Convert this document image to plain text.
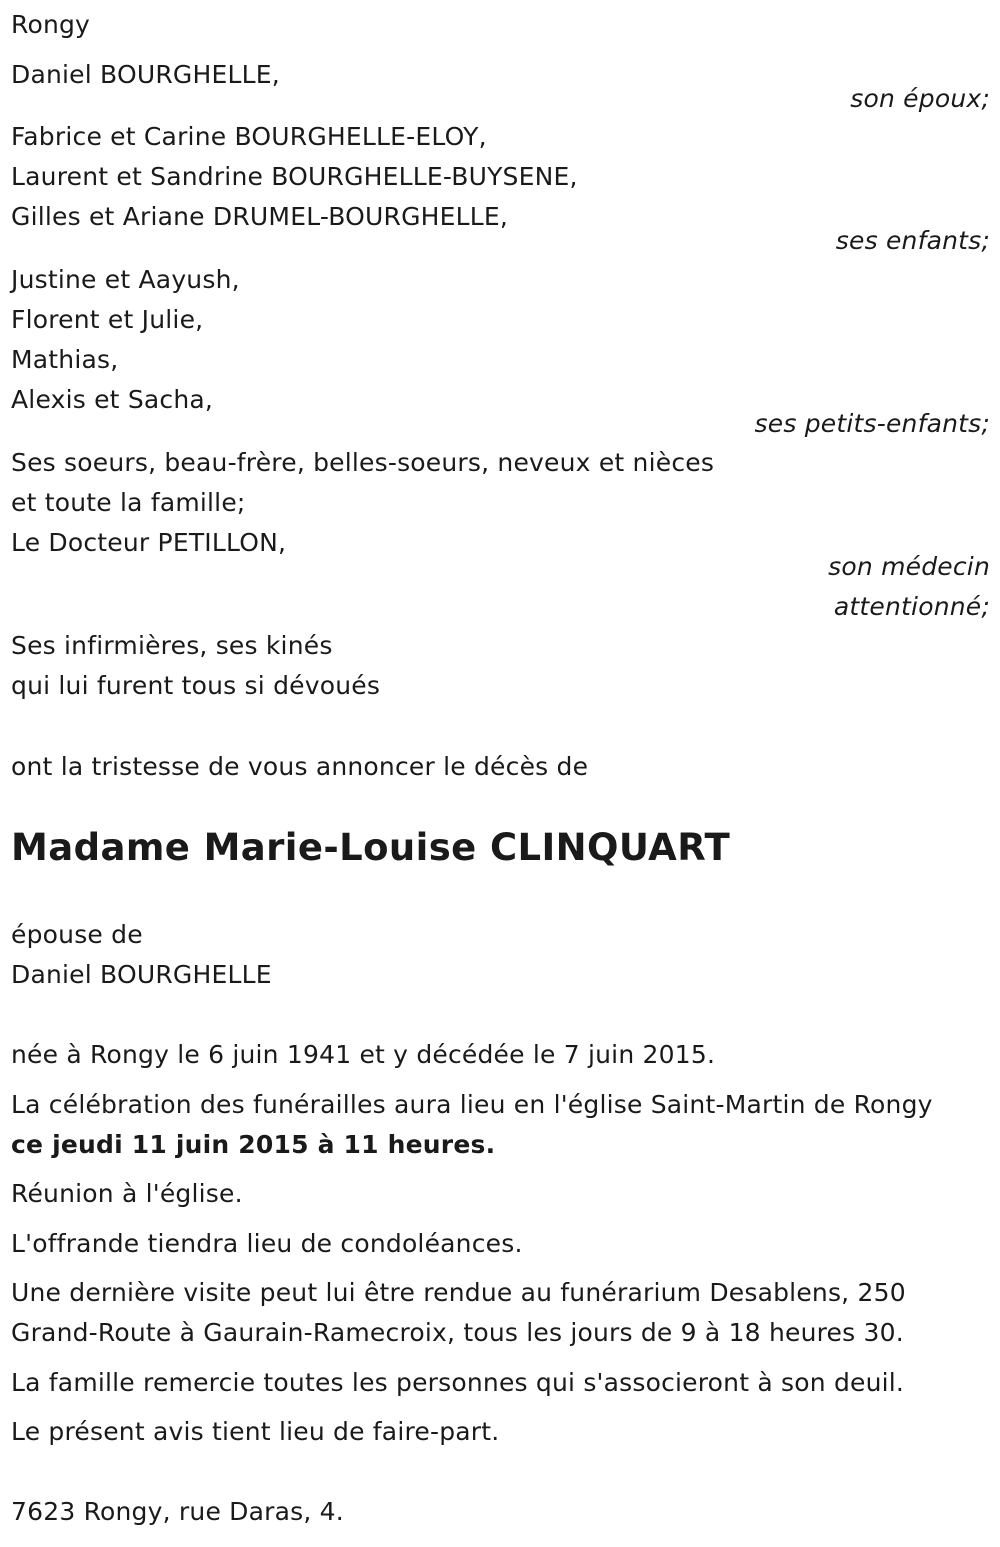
Rongy
Daniel BOURGHELLE,
son époux;
Fabrice et Carine BOURGHELLE-ELOY,
Laurent et Sandrine BOURGHELLE-BUYSENE,
Gilles et Ariane DRUMEL-BOURGHELLE,
ses enfants;
Justine et Aayush,
Florent et Julie,
Mathias,
Alexis et Sacha,
ses petits-enfants;
Ses soeurs, beau-frère, belles-soeurs, neveux et nièces
et toute la famille;
Le Docteur PETILLON,
son médecin
attentionné;
Ses infirmières, ses kinés
qui lui furent tous si dévoués
ont la tristesse de vous annoncer le décès de
Madame Marie-Louise CLINQUART
épouse de
Daniel BOURGHELLE
née à Rongy le 6 juin 1941 et y décédée le 7 juin 2015.
La célébration des funérailles aura lieu en l'église Saint-Martin de Rongy
ce jeudi 11 juin 2015 à 11 heures.
Réunion à l'église.
L'offrande tiendra lieu de condoléances.
Une dernière visite peut lui être rendue au funérarium Desablens, 250
Grand-Route à Gaurain-Ramecroix, tous les jours de 9 à 18 heures 30.
La famille remercie toutes les personnes qui s'associeront à son deuil.
Le présent avis tient lieu de faire-part.
7623 Rongy, rue Daras, 4.
